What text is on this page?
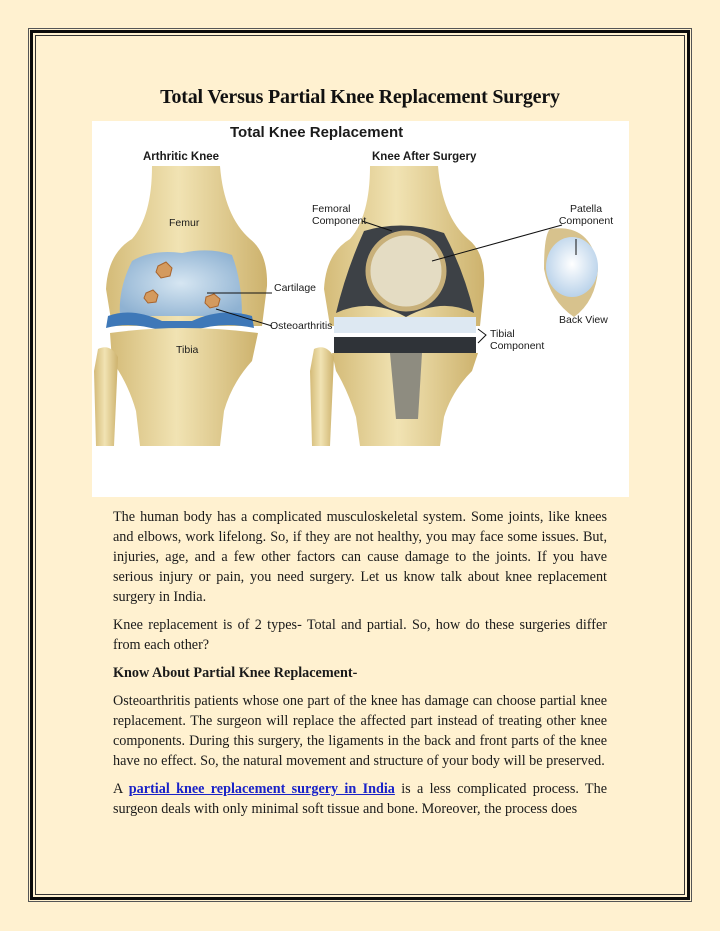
Total Versus Partial Knee Replacement Surgery
Total Knee Replacement
Arthritic Knee	Knee After Surgery
Femur
Cartilage
Osteoarthritis
Tibia
Femoral Component
Patella Component
Back View
Tibial Component

The human body has a complicated musculoskeletal system. Some joints, like knees and elbows, work lifelong. So, if they are not healthy, you may face some issues. But, injuries, age, and a few other factors can cause damage to the joints. If you have serious injury or pain, you need surgery. Let us know talk about knee replacement surgery in India.

Knee replacement is of 2 types- Total and partial. So, how do these surgeries differ from each other?

Know About Partial Knee Replacement-

Osteoarthritis patients whose one part of the knee has damage can choose partial knee replacement. The surgeon will replace the affected part instead of treating other knee components. During this surgery, the ligaments in the back and front parts of the knee have no effect. So, the natural movement and structure of your body will be preserved.

A partial knee replacement surgery in India is a less complicated process. The surgeon deals with only minimal soft tissue and bone. Moreover, the process does
